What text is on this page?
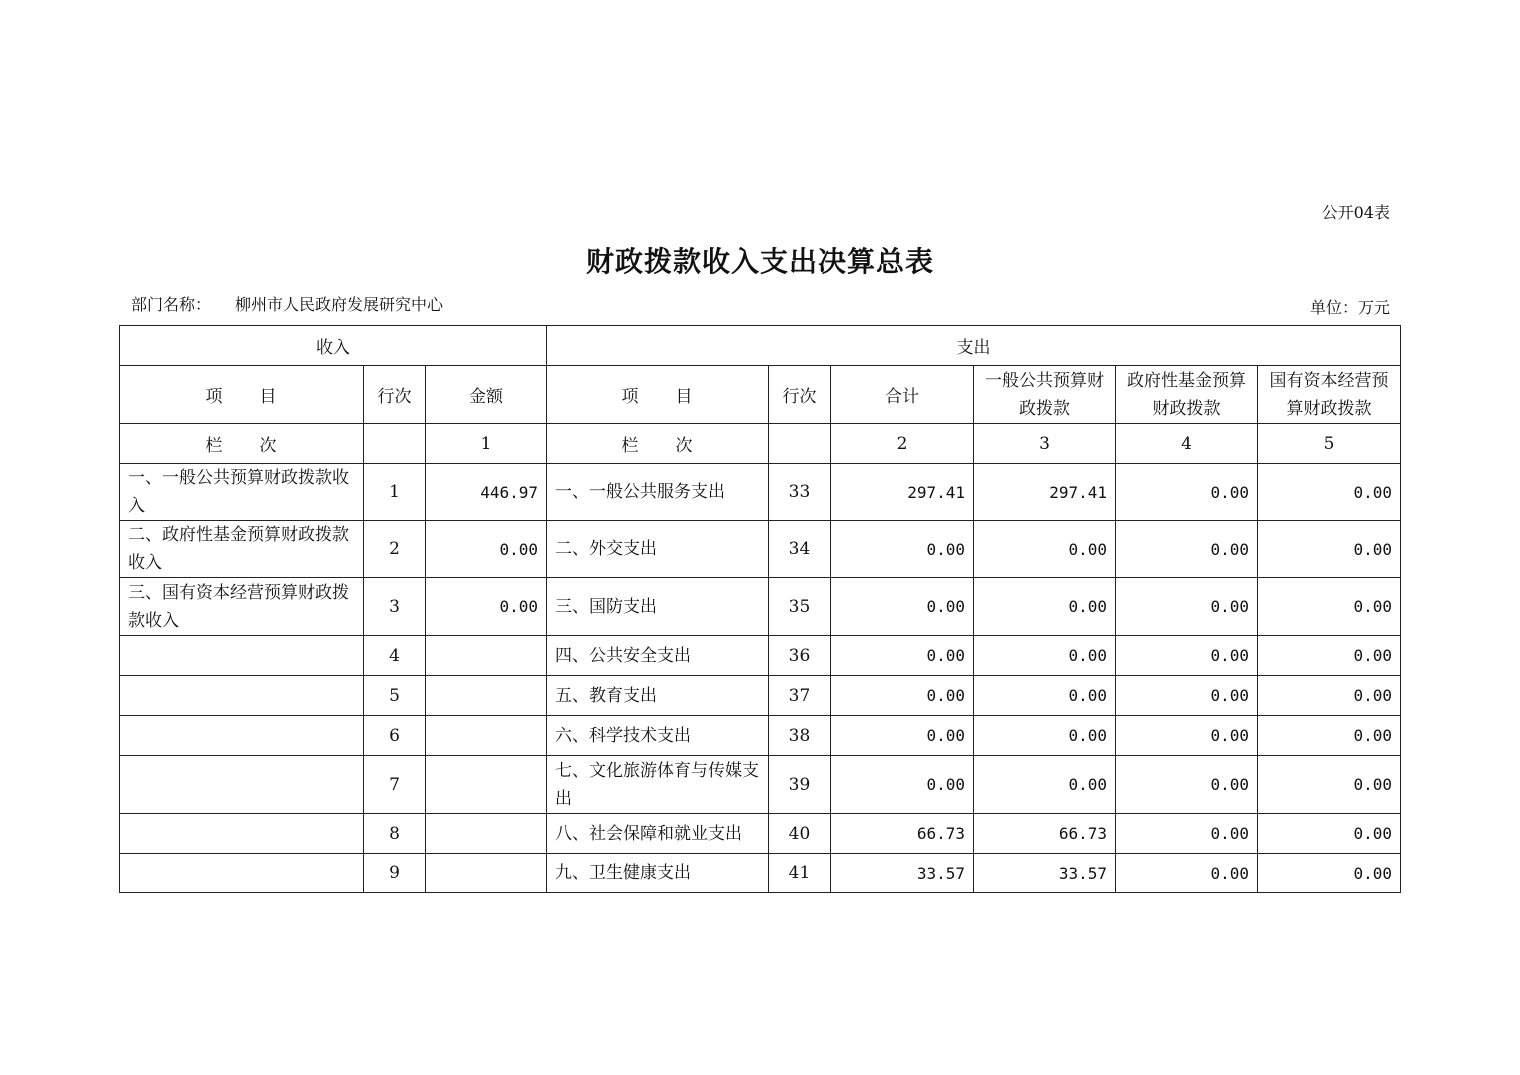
公开04表
财政拨款收入支出决算总表
部门名称： 柳州市人民政府发展研究中心	单位：万元
收入			支出					
项　　目	行次	金额	项　　目	行次	合计	一般公共预算财政拨款	政府性基金预算财政拨款	国有资本经营预算财政拨款
栏　　次		1	栏　　次		2	3	4	5
一、一般公共预算财政拨款收入	1	446.97	一、一般公共服务支出	33	297.41	297.41	0.00	0.00
二、政府性基金预算财政拨款收入	2	0.00	二、外交支出	34	0.00	0.00	0.00	0.00
三、国有资本经营预算财政拨款收入	3	0.00	三、国防支出	35	0.00	0.00	0.00	0.00
	4		四、公共安全支出	36	0.00	0.00	0.00	0.00
	5		五、教育支出	37	0.00	0.00	0.00	0.00
	6		六、科学技术支出	38	0.00	0.00	0.00	0.00
	7		七、文化旅游体育与传媒支出	39	0.00	0.00	0.00	0.00
	8		八、社会保障和就业支出	40	66.73	66.73	0.00	0.00
	9		九、卫生健康支出	41	33.57	33.57	0.00	0.00
